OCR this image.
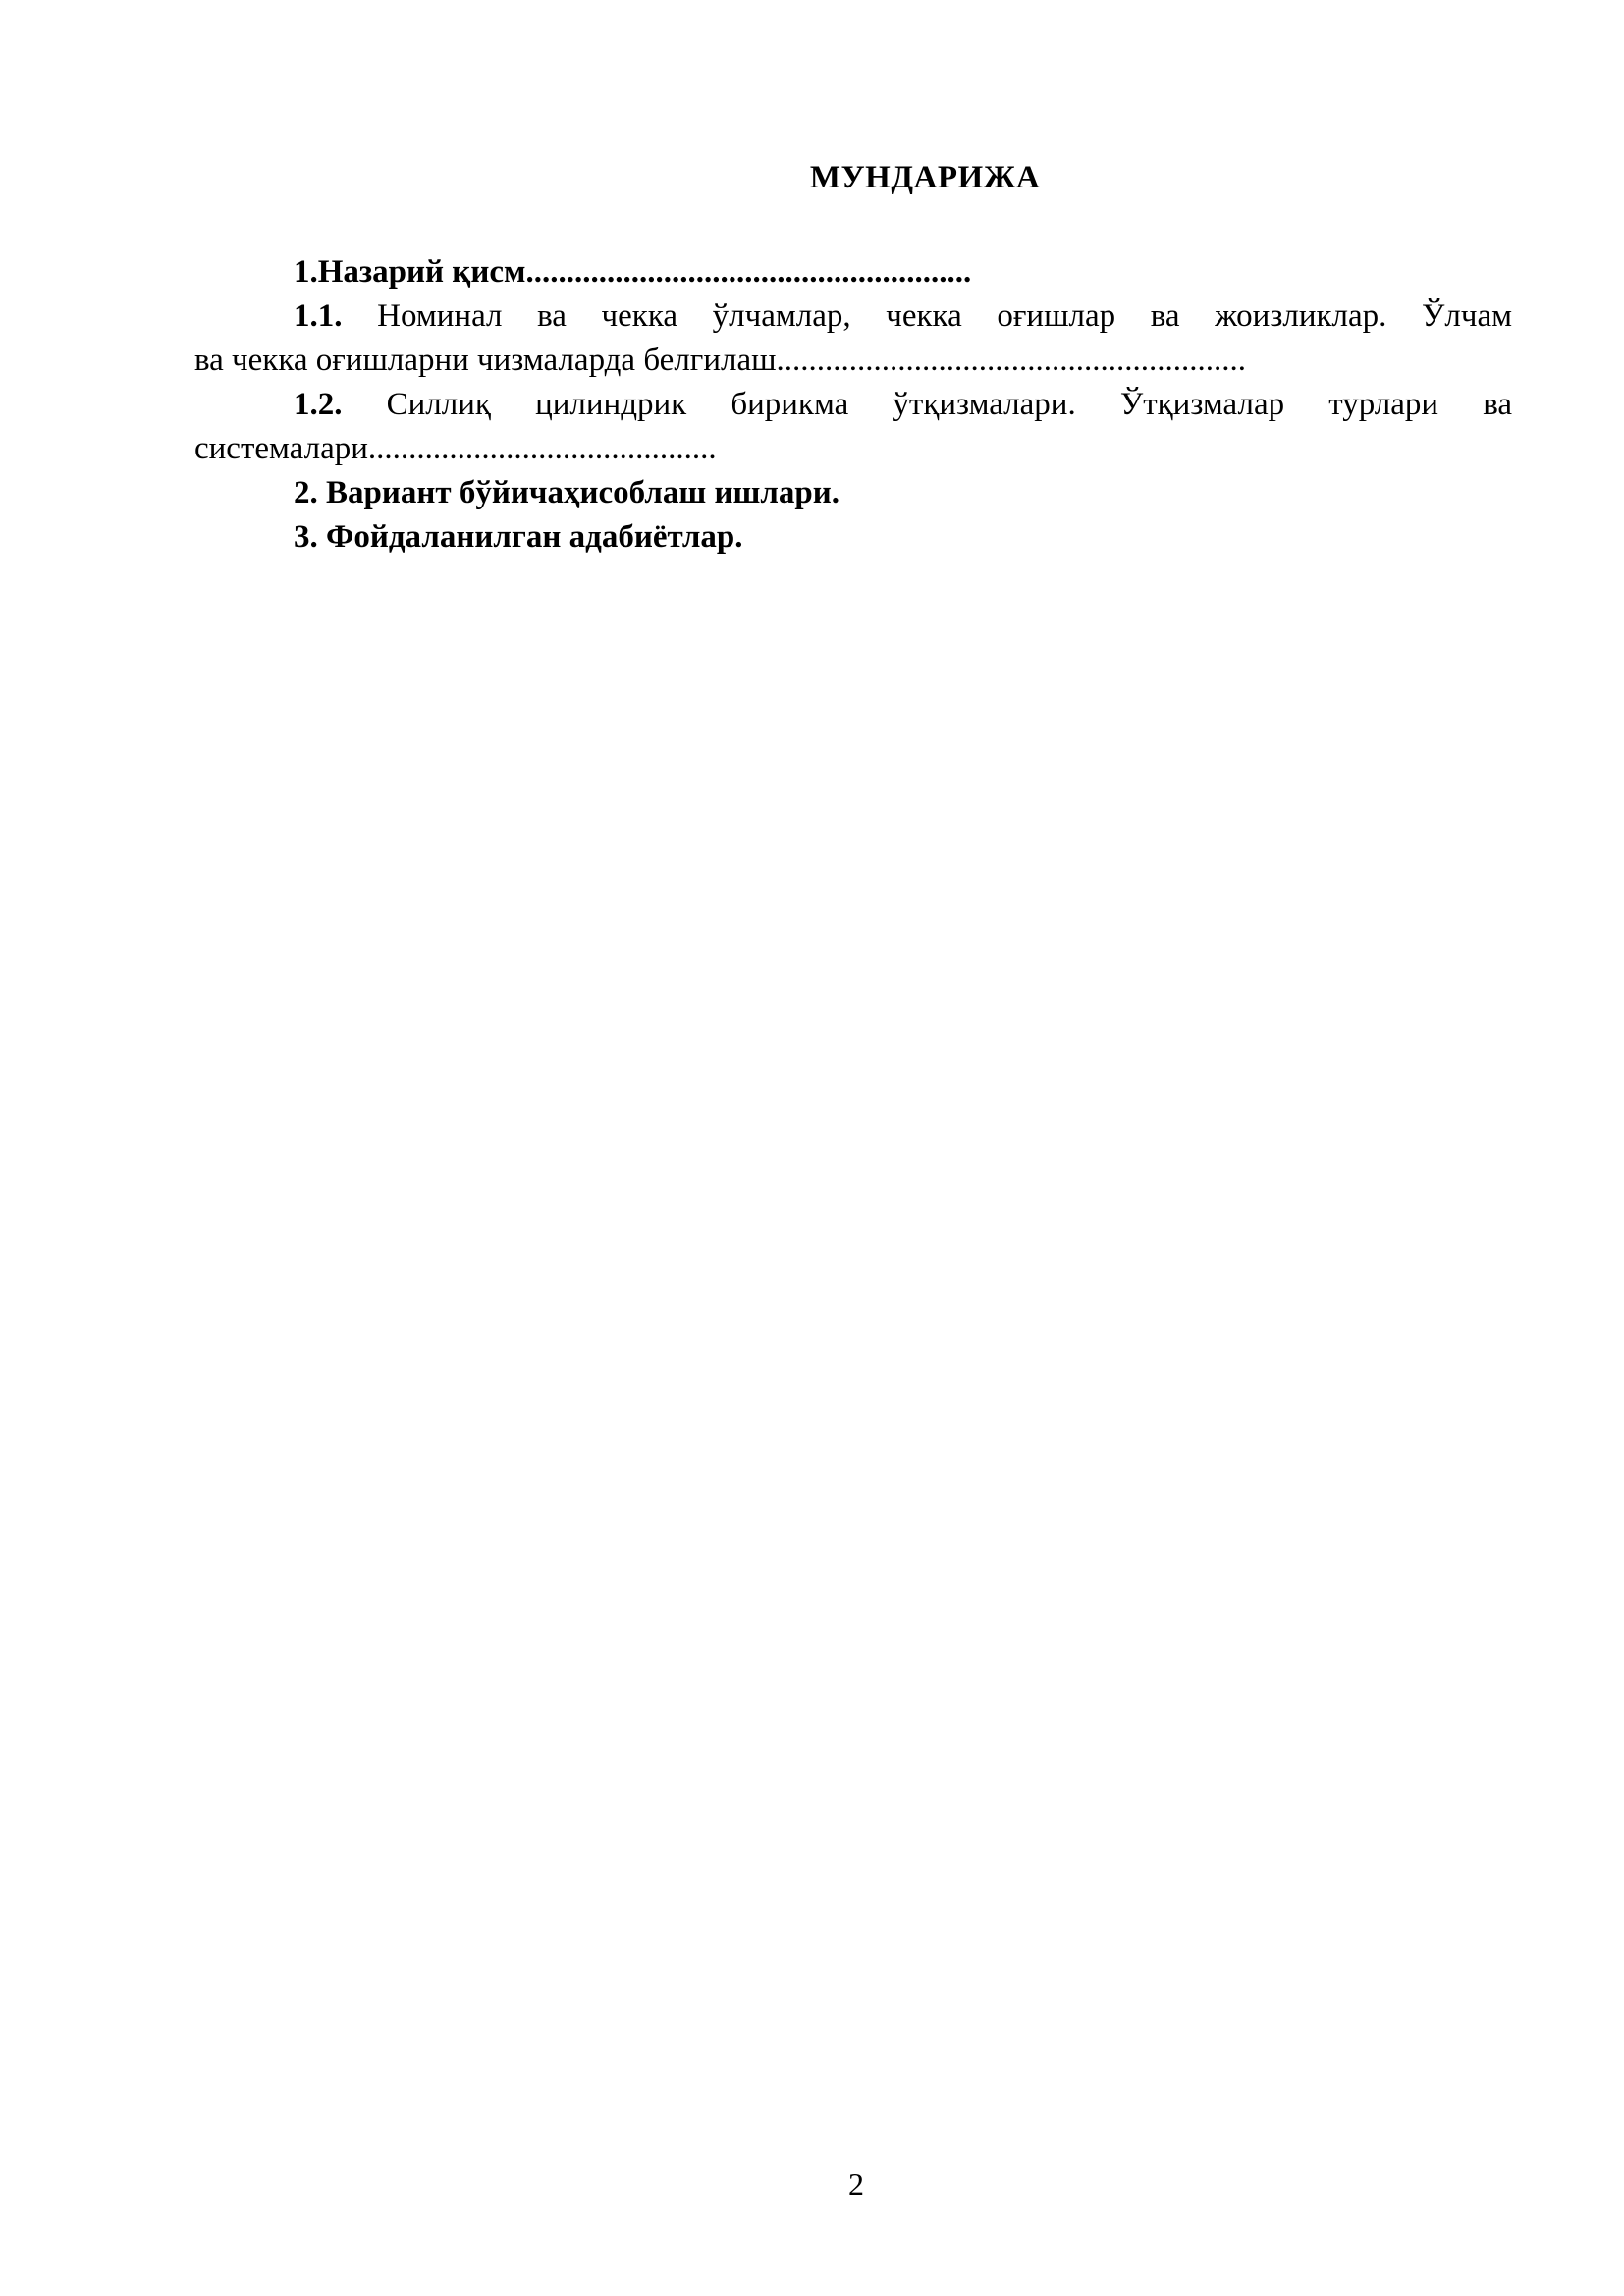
МУНДАРИЖА

1.Назарий қисм.......................................................

1.1. Номинал ва чекка ўлчамлар, чекка оғишлар ва жоизликлар. Ўлчам

ва чекка оғишларни чизмаларда белгилаш..........................................................

1.2. Силлиқ цилиндрик бирикма ўтқизмалари. Ўтқизмалар турлари ва

системалари...........................................

2. Вариант бўйичаҳисоблаш ишлари.

3. Фойдаланилган адабиётлар.

2
